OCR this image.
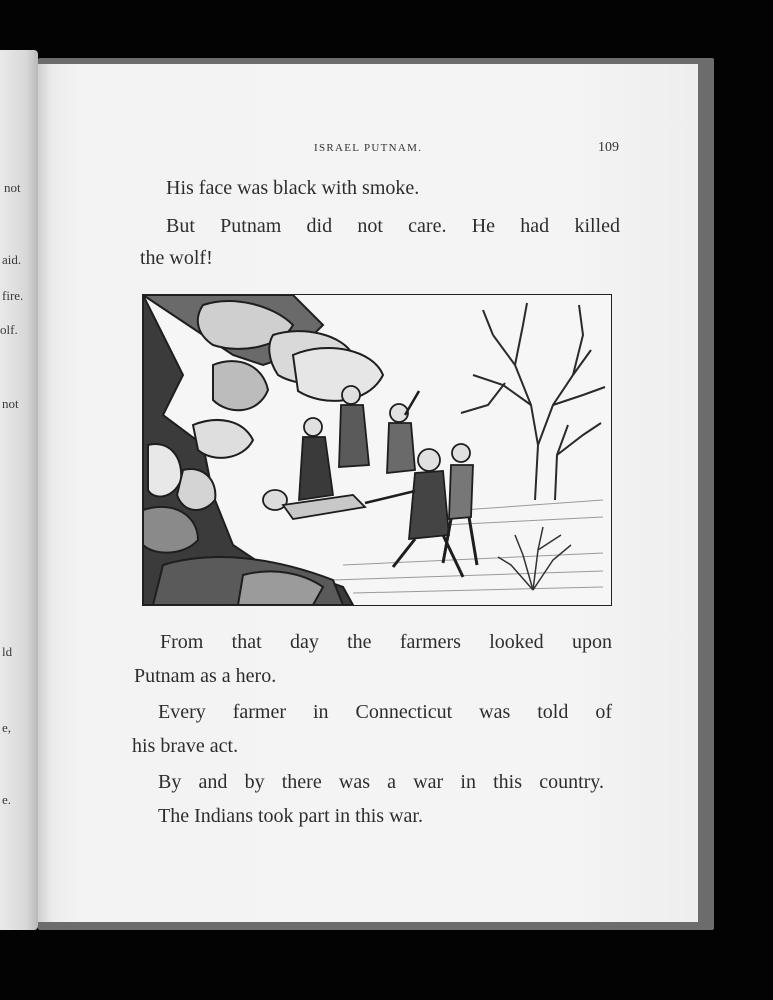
not
aid.
fire.
olf.
not
ld
e,
e.
ISRAEL PUTNAM.	109
His face was black with smoke.
But Putnam did not care. He had killed
the wolf!
From that day the farmers looked upon
Putnam as a hero.
Every farmer in Connecticut was told of
his brave act.
By and by there was a war in this country.
The Indians took part in this war.
